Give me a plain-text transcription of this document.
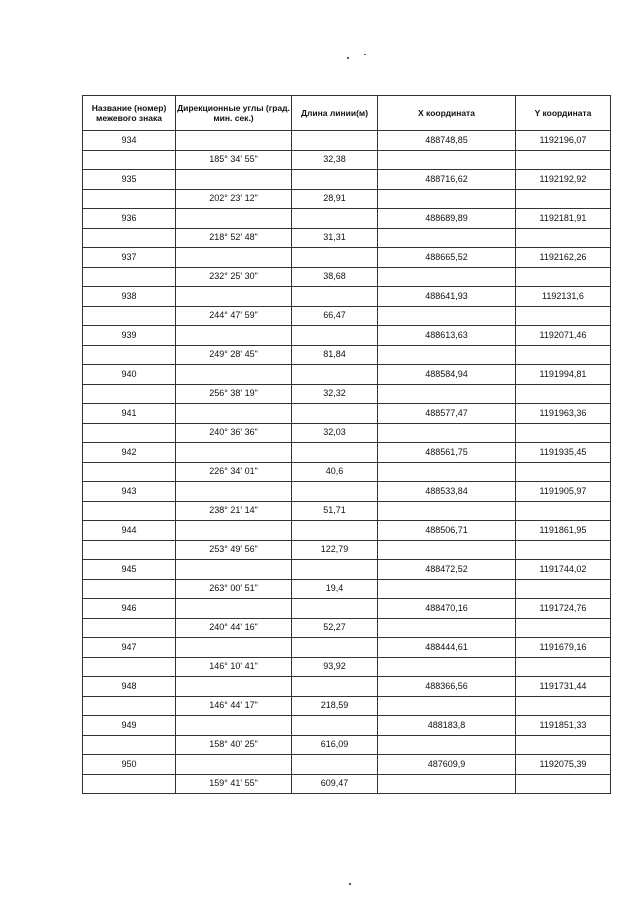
Название (номер) межевого знака	Дирекционные углы (град. мин. сек.)	Длина линии(м)	X координата	Y координата
934			488748,85	1192196,07
	185° 34' 55"	32,38		
935			488716,62	1192192,92
	202° 23' 12"	28,91		
936			488689,89	1192181,91
	218° 52' 48"	31,31		
937			488665,52	1192162,26
	232° 25' 30"	38,68		
938			488641,93	1192131,6
	244° 47' 59"	66,47		
939			488613,63	1192071,46
	249° 28' 45"	81,84		
940			488584,94	1191994,81
	256° 38' 19"	32,32		
941			488577,47	1191963,36
	240° 36' 36"	32,03		
942			488561,75	1191935,45
	226° 34' 01"	40,6		
943			488533,84	1191905,97
	238° 21' 14"	51,71		
944			488506,71	1191861,95
	253° 49' 56"	122,79		
945			488472,52	1191744,02
	263° 00' 51"	19,4		
946			488470,16	1191724,76
	240° 44' 16"	52,27		
947			488444,61	1191679,16
	146° 10' 41"	93,92		
948			488366,56	1191731,44
	146° 44' 17"	218,59		
949			488183,8	1191851,33
	158° 40' 25"	616,09		
950			487609,9	1192075,39
	159° 41' 55"	609,47		
